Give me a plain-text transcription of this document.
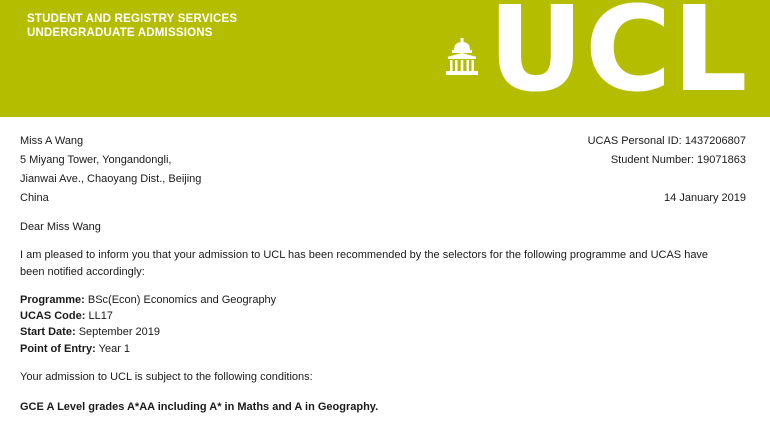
STUDENT AND REGISTRY SERVICES
UNDERGRADUATE ADMISSIONS UCL
Miss A Wang
5 Miyang Tower, Yongandongli,
Jianwai Ave., Chaoyang Dist., Beijing
China
UCAS Personal ID: 1437206807
Student Number: 19071863
14 January 2019
Dear Miss Wang
I am pleased to inform you that your admission to UCL has been recommended by the selectors for the following programme and UCAS have
been notified accordingly:
Programme: BSc(Econ) Economics and Geography
UCAS Code: LL17
Start Date: September 2019
Point of Entry: Year 1
Your admission to UCL is subject to the following conditions:
GCE A Level grades A*AA including A* in Maths and A in Geography.
